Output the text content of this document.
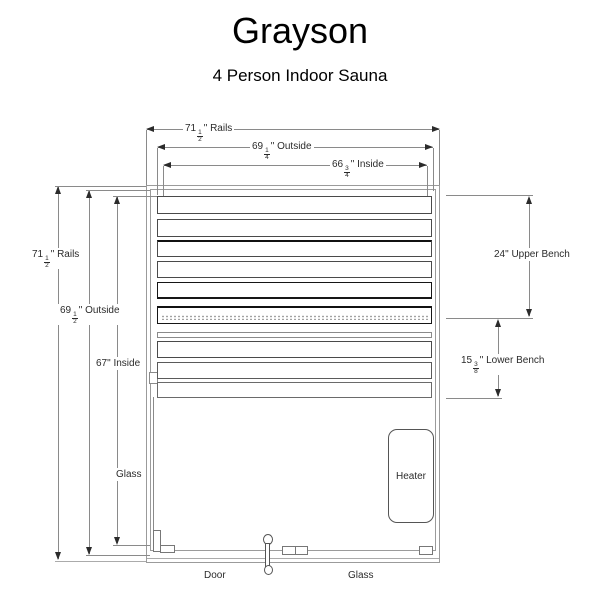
Grayson
4 Person Indoor Sauna
Heater
71
$\frac{1}{2}$
" Rails
69
$\frac{1}{4}$
" Outside
66
$\frac{3}{4}$
" Inside
71
$\frac{1}{2}$
" Rails
69
$\frac{1}{2}$
" Outside
67" Inside
Glass
24" Upper Bench
15
$\frac{3}{8}$
" Lower Bench
Door	Glass
